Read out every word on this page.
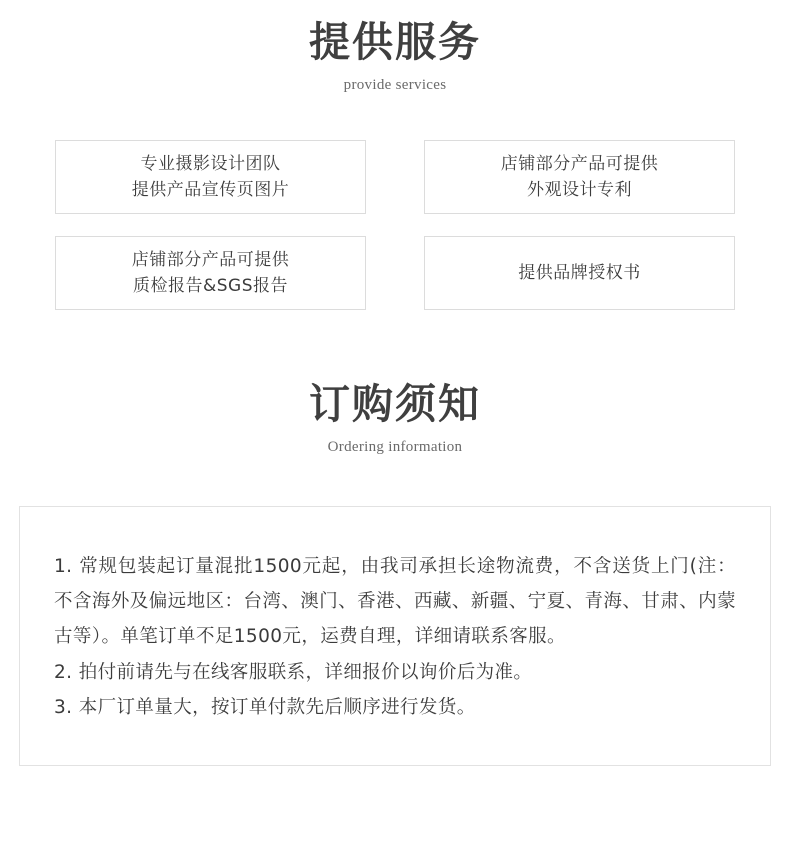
提供服务
provide services
专业摄影设计团队
提供产品宣传页图片
店铺部分产品可提供
外观设计专利
店铺部分产品可提供
质检报告&SGS报告
提供品牌授权书
订购须知
Ordering information
1. 常规包装起订量混批1500元起，由我司承担长途物流费，不含送货上门(注：不含海外及偏远地区：台湾、澳门、香港、西藏、新疆、宁夏、青海、甘肃、内蒙古等）。单笔订单不足1500元，运费自理，详细请联系客服。
2. 拍付前请先与在线客服联系，详细报价以询价后为准。
3. 本厂订单量大，按订单付款先后顺序进行发货。
